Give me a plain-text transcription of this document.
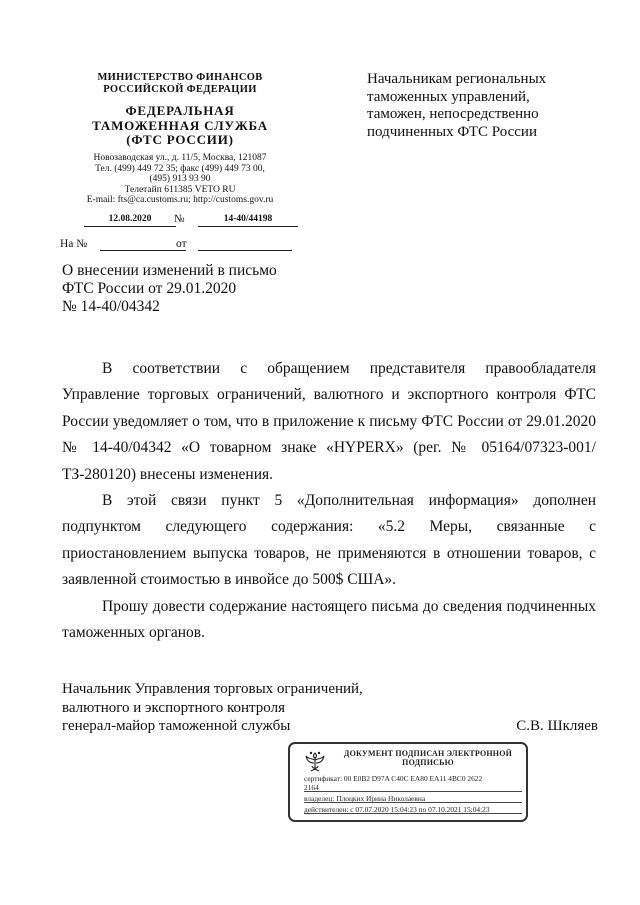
МИНИСТЕРСТВО ФИНАНСОВ
РОССИЙСКОЙ ФЕДЕРАЦИИ
ФЕДЕРАЛЬНАЯ
ТАМОЖЕННАЯ СЛУЖБА
(ФТС РОССИИ)
Новозаводская ул., д. 11/5, Москва, 121087
Тел. (499) 449 72 35; факс (499) 449 73 00,
(495) 913 93 90
Телетайп 611385 VETO RU
E-mail: fts@ca.customs.ru; http://customs.gov.ru
12.08.2020	№	14-40/44198
На №	от
О внесении изменений в письмо
ФТС России от 29.01.2020
№ 14-40/04342
Начальникам региональных
таможенных управлений,
таможен, непосредственно
подчиненных ФТС России

В соответствии с обращением представителя правообладателя Управление торговых ограничений, валютного и экспортного контроля ФТС России уведомляет о том, что в приложение к письму ФТС России от 29.01.2020 № 14-40/04342 «О товарном знаке «HYPERX» (рег. № 05164/07323-001/ТЗ-280120) внесены изменения.

В этой связи пункт 5 «Дополнительная информация» дополнен подпунктом следующего содержания: «5.2 Меры, связанные с приостановлением выпуска товаров, не применяются в отношении товаров, с заявленной стоимостью в инвойсе до 500$ США».

Прошу довести содержание настоящего письма до сведения подчиненных таможенных органов.

Начальник Управления торговых ограничений,
валютного и экспортного контроля
генерал-майор таможенной службы	С.В. Шкляев
ДОКУМЕНТ ПОДПИСАН ЭЛЕКТРОННОЙ
ПОДПИСЬЮ
сертификат: 00 E0B2 D97A C40C EA80 EA11 4BC0 2622
2164
владелец: Плоцких Ирина Николаевна
действителен: с 07.07.2020 15:04:23 по 07.10.2021 15:04:23
